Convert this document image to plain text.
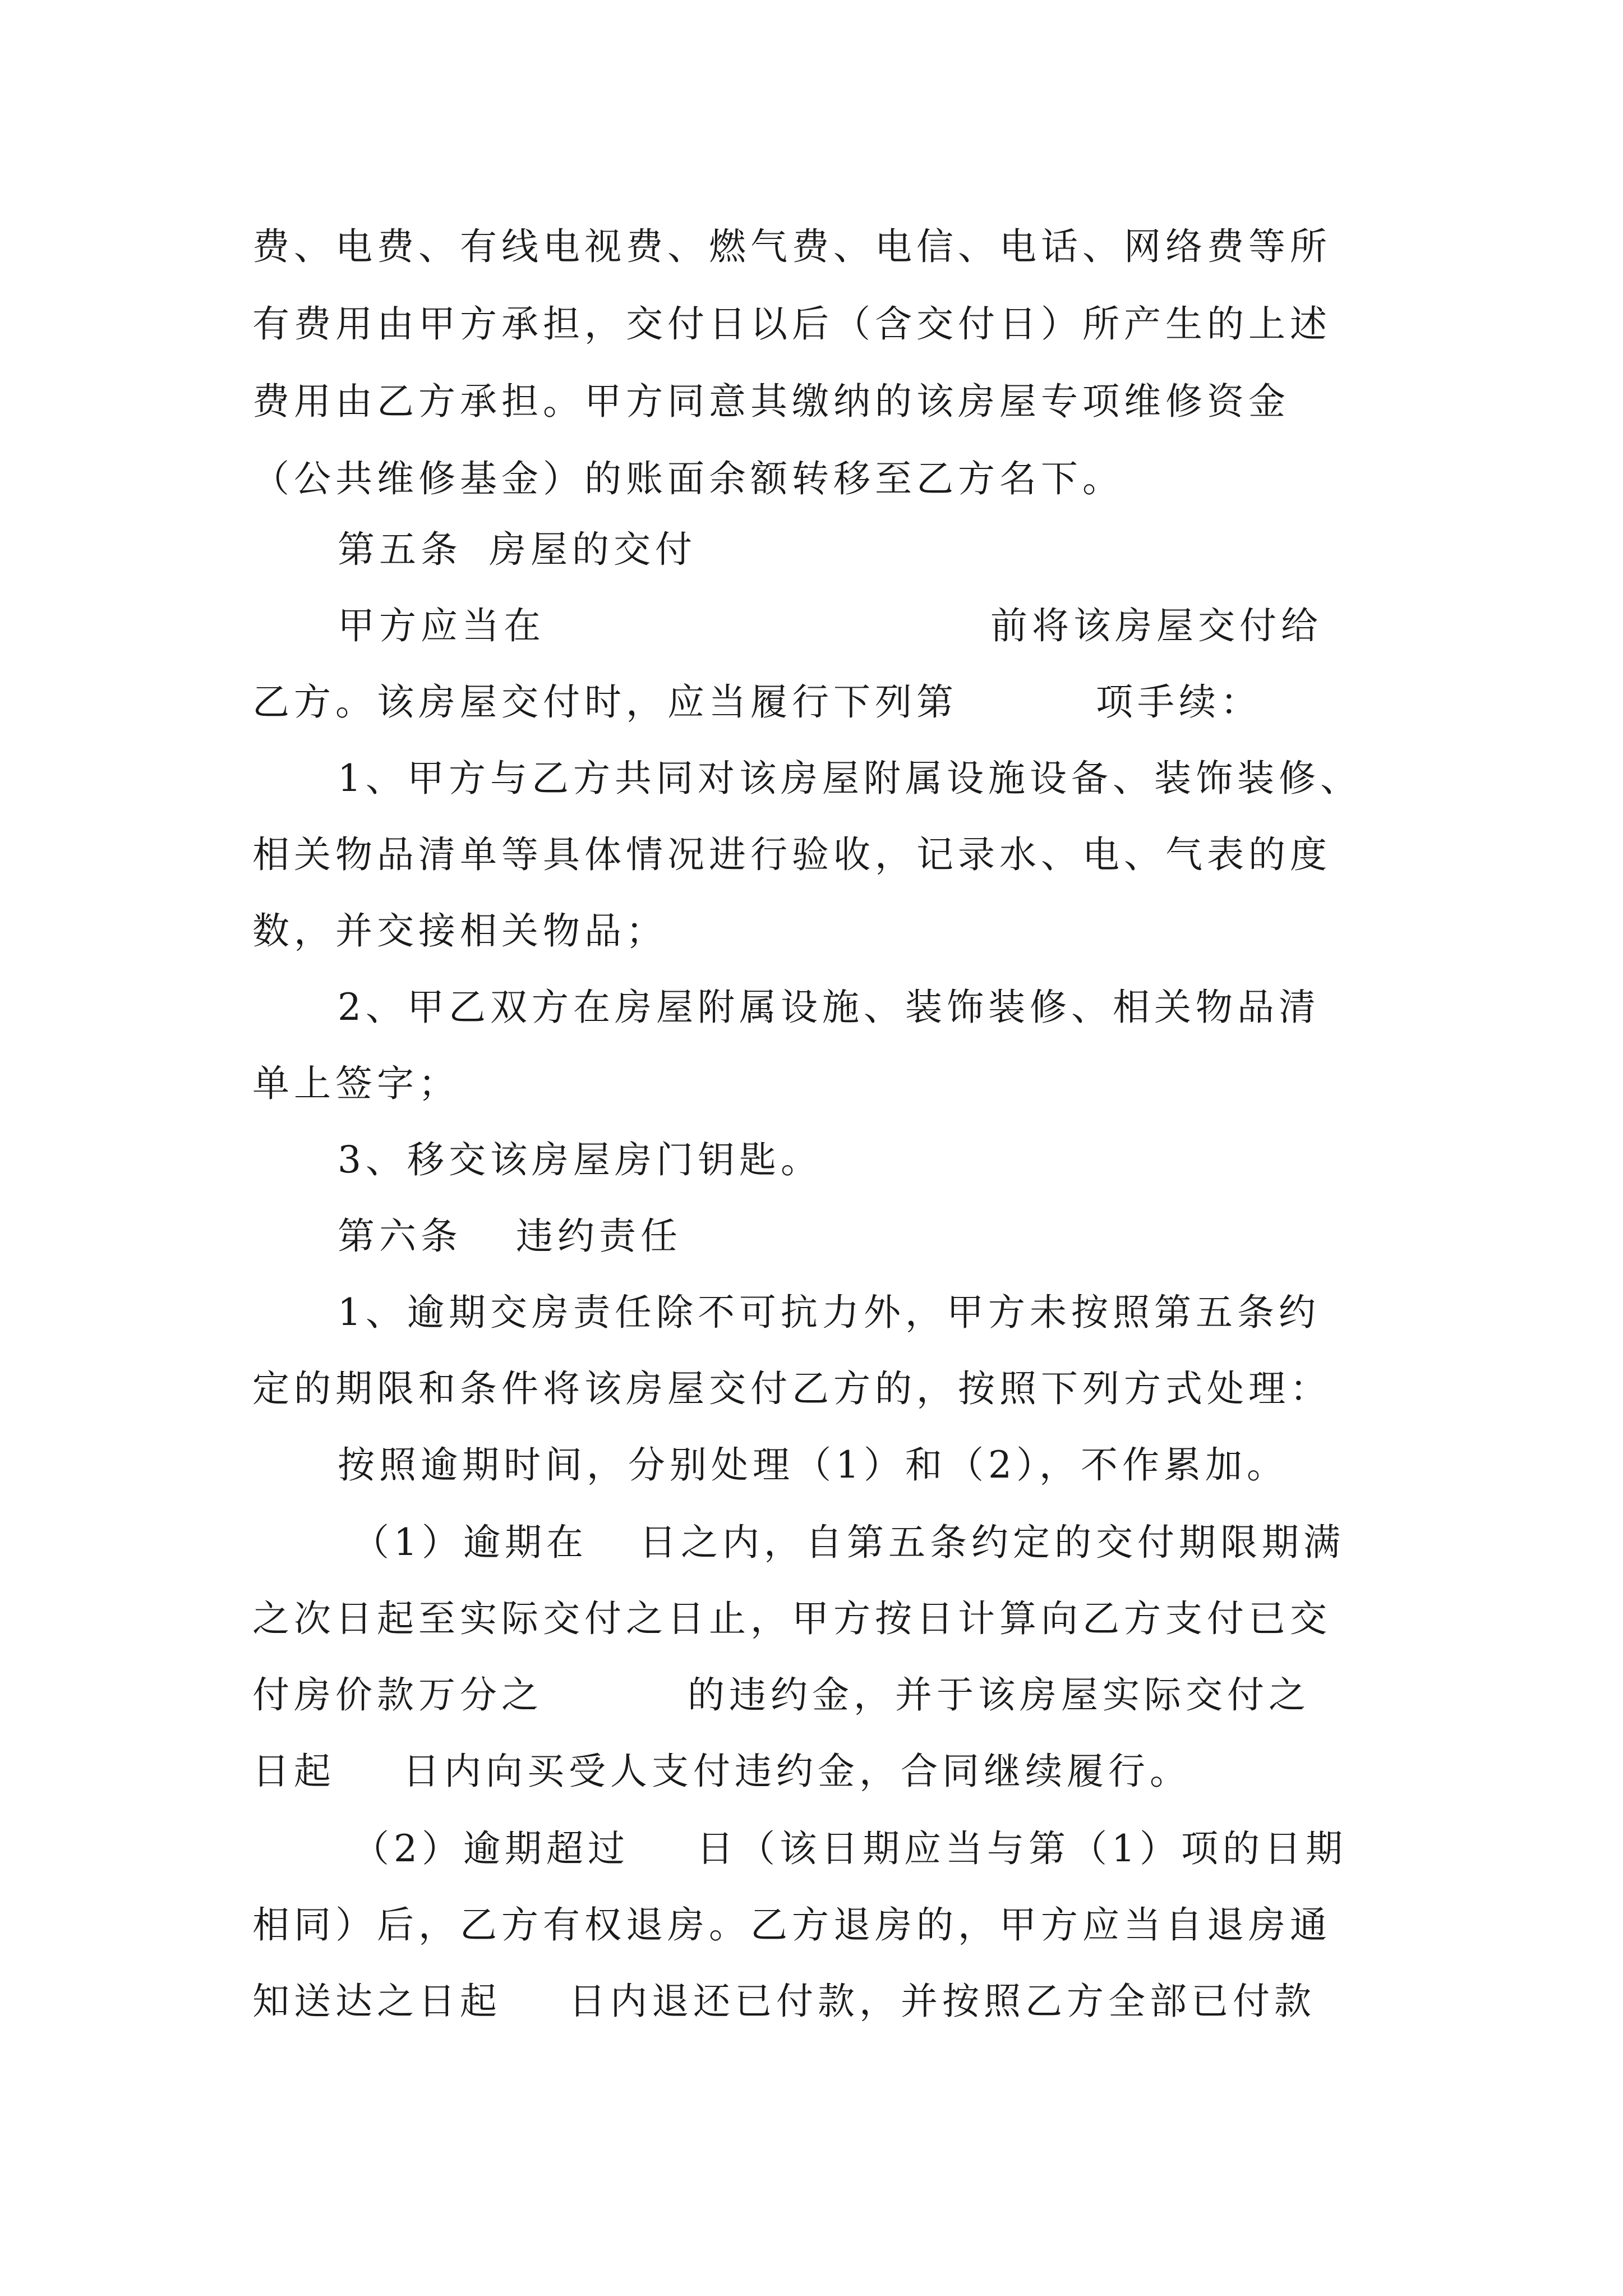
费、电费、有线电视费、燃气费、电信、电话、网络费等所
有费用由甲方承担，交付日以后（含交付日）所产生的上述
费用由乙方承担。甲方同意其缴纳的该房屋专项维修资金
（公共维修基金）的账面余额转移至乙方名下。
第五条 房屋的交付
甲方应当在	前将该房屋交付给
乙方。该房屋交付时，应当履行下列第	项手续：
1、甲方与乙方共同对该房屋附属设施设备、装饰装修、
相关物品清单等具体情况进行验收，记录水、电、气表的度
数，并交接相关物品；
2、甲乙双方在房屋附属设施、装饰装修、相关物品清
单上签字；
3、移交该房屋房门钥匙。
第六条 违约责任
1、逾期交房责任除不可抗力外，甲方未按照第五条约
定的期限和条件将该房屋交付乙方的，按照下列方式处理：
按照逾期时间，分别处理（1）和（2），不作累加。
（1）逾期在 日之内，自第五条约定的交付期限期满
之次日起至实际交付之日止，甲方按日计算向乙方支付已交
付房价款万分之	的违约金，并于该房屋实际交付之
日起 日内向买受人支付违约金，合同继续履行。
（2）逾期超过 日（该日期应当与第（1）项的日期
相同）后，乙方有权退房。乙方退房的，甲方应当自退房通
知送达之日起 日内退还已付款，并按照乙方全部已付款
